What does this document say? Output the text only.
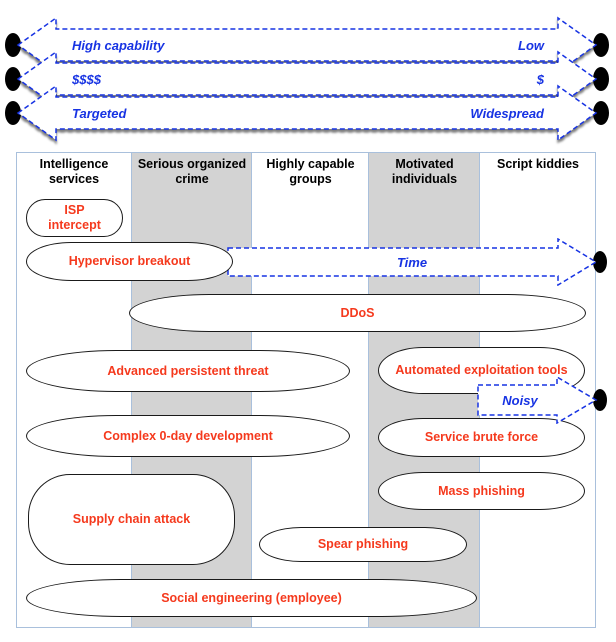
High capability	Low
$$$$	$
Targeted	Widespread
Intelligence services
Serious organized crime
Highly capable groups
Motivated individuals
Script kiddies
ISP intercept
Hypervisor breakout
DDoS
Advanced persistent threat	Automated exploitation tools
Complex 0-day development	Service brute force
Supply chain attack
Mass phishing
Spear phishing
Social engineering (employee)
Time
Noisy
